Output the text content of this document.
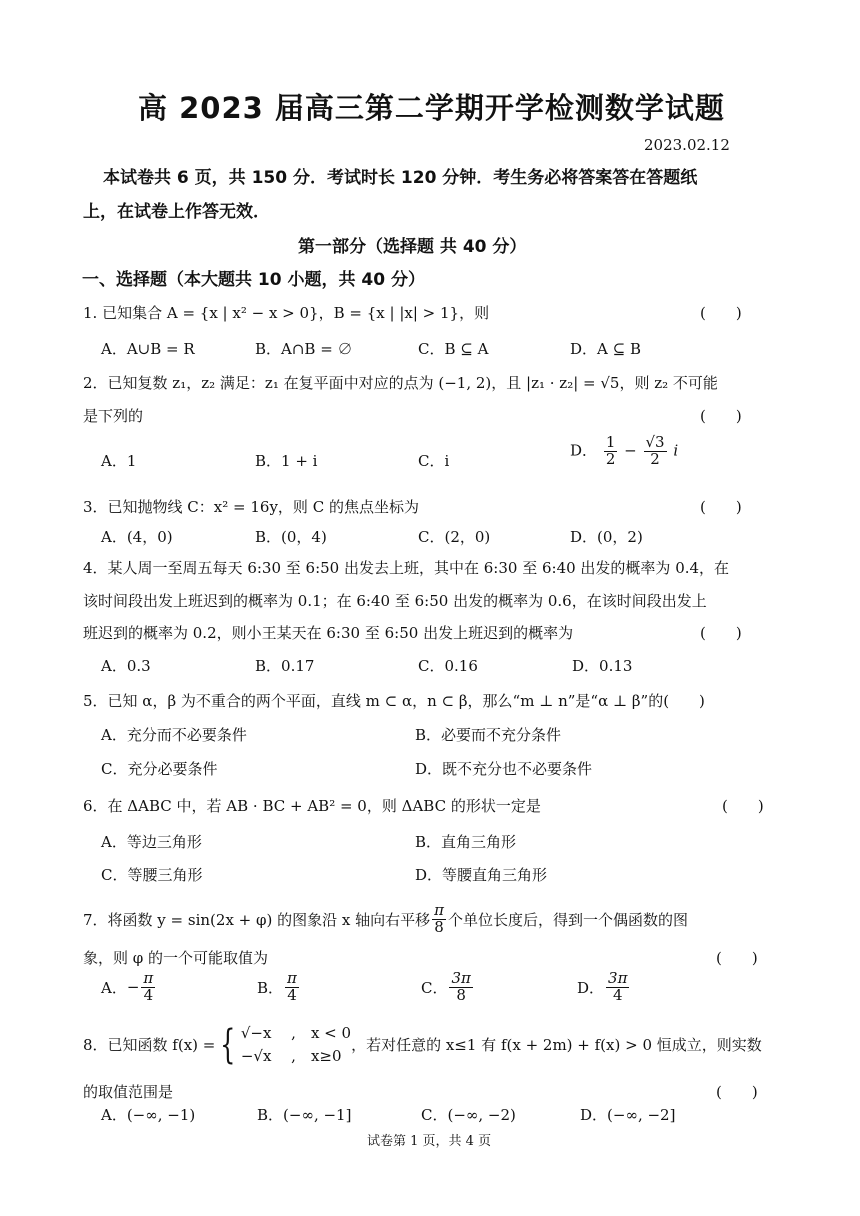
高 2023 届高三第二学期开学检测数学试题
2023.02.12
本试卷共 6 页，共 150 分．考试时长 120 分钟．考生务必将答案答在答题纸
上，在试卷上作答无效．
第一部分（选择题 共 40 分）
一、选择题（本大题共 10 小题，共 40 分）
1. 已知集合 A = {x | x² − x > 0}，B = {x | |x| > 1}，则	(　　)
A．A∪B = R	B．A∩B = ∅	C．B ⊆ A	D．A ⊆ B
2．已知复数 z₁，z₂ 满足：z₁ 在复平面中对应的点为 (−1, 2)，且 |z₁ · z₂| = √5，则 z₂ 不可能
是下列的	(　　)
A．1	B．1 + i	C．i
D． $\frac{1}{2} - \frac{√3}{2}$ i
3．已知抛物线 C：x² = 16y，则 C 的焦点坐标为	(　　)
A．(4，0)	B．(0，4)	C．(2，0)	D．(0，2)
4．某人周一至周五每天 6:30 至 6:50 出发去上班，其中在 6:30 至 6:40 出发的概率为 0.4，在
该时间段出发上班迟到的概率为 0.1；在 6:40 至 6:50 出发的概率为 0.6，在该时间段出发上
班迟到的概率为 0.2，则小王某天在 6:30 至 6:50 出发上班迟到的概率为	(　　)
A．0.3	B．0.17	C．0.16	D．0.13
5．已知 α，β 为不重合的两个平面，直线 m ⊂ α，n ⊂ β，那么“m ⊥ n”是“α ⊥ β”的(　　)
A．充分而不必要条件	B．必要而不充分条件
C．充分必要条件	D．既不充分也不必要条件
6．在 ΔABC 中，若 AB · BC + AB² = 0，则 ΔABC 的形状一定是	(　　)
A．等边三角形	B．直角三角形
C．等腰三角形	D．等腰直角三角形
7．将函数 y = sin(2x + φ) 的图象沿 x 轴向右平移 $\frac{\pi}{8}$ 个单位长度后，得到一个偶函数的图
象，则 φ 的一个可能取值为	(　　)
A． − $\frac{\pi}{4}$	B． $\frac{\pi}{4}$	C． $\frac{3\pi}{8}$	D． $\frac{3\pi}{4}$
8．已知函数 f(x) = { √−x 　,　x < 0
−√x 　,　x≥0
，若对任意的 x≤1 有 f(x + 2m) + f(x) > 0 恒成立，则实数
的取值范围是	(　　)
A．(−∞, −1)	B．(−∞, −1]	C．(−∞, −2)	D．(−∞, −2]
试卷第 1 页，共 4 页
